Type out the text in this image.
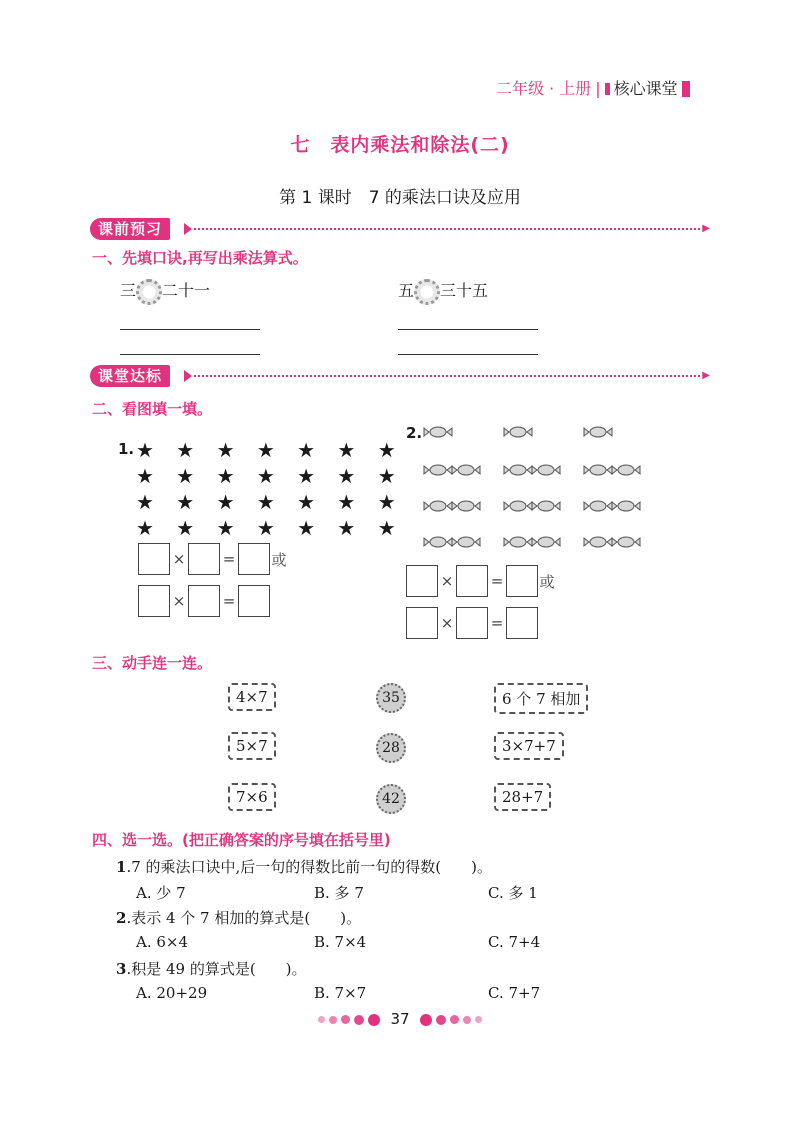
二年级 · 上册 | 核心课堂
七　表内乘法和除法(二)
第 1 课时　7 的乘法口诀及应用
课前预习	▶
一、先填口诀,再写出乘法算式。
三 二十一	五 三十五
课堂达标	▶
二、看图填一填。
1. ★ ★ ★ ★ ★ ★ ★
★ ★ ★ ★ ★ ★ ★
★ ★ ★ ★ ★ ★ ★
★ ★ ★ ★ ★ ★ ★
× = 或
× =
2.
× = 或
× =
三、动手连一连。
4×7
5×7
7×6
35
28
42
6 个 7 相加
3×7+7
28+7
四、选一选。(把正确答案的序号填在括号里)
1.7 的乘法口诀中,后一句的得数比前一句的得数(　　)。
A. 少 7	B. 多 7	C. 多 1
2.表示 4 个 7 相加的算式是(　　)。
A. 6×4	B. 7×4	C. 7+4
3.积是 49 的算式是(　　)。
A. 20+29	B. 7×7	C. 7+7
37
